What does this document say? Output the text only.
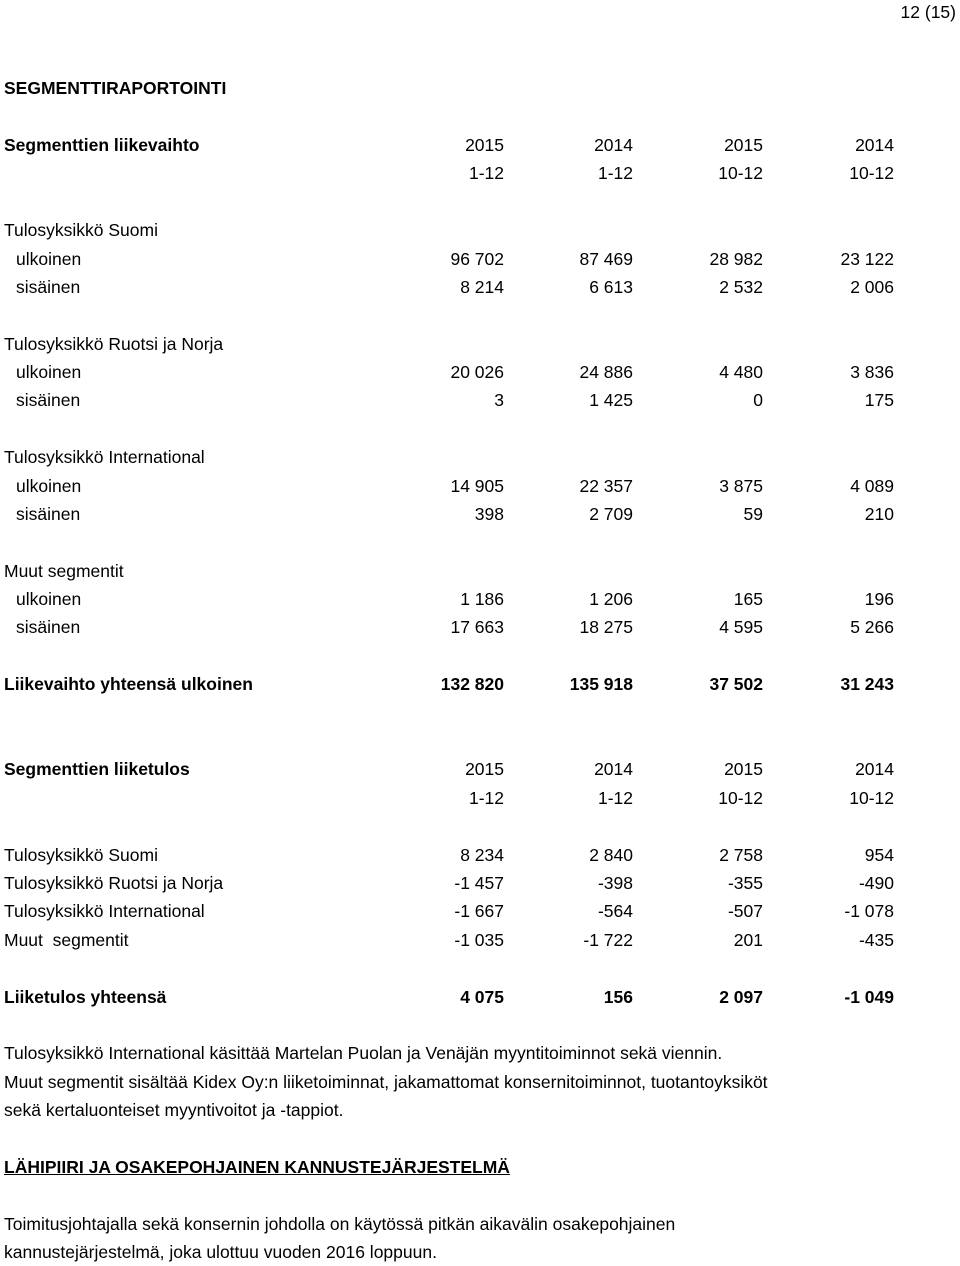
12 (15)
SEGMENTTIRAPORTOINTI
Segmenttien liikevaihto	2015	2014	2015	2014
1-12	1-12	10-12	10-12
Tulosyksikkö Suomi
ulkoinen	96 702	87 469	28 982	23 122
sisäinen	8 214	6 613	2 532	2 006
Tulosyksikkö Ruotsi ja Norja
ulkoinen	20 026	24 886	4 480	3 836
sisäinen	3	1 425	0	175
Tulosyksikkö International
ulkoinen	14 905	22 357	3 875	4 089
sisäinen	398	2 709	59	210
Muut segmentit
ulkoinen	1 186	1 206	165	196
sisäinen	17 663	18 275	4 595	5 266
Liikevaihto yhteensä ulkoinen	132 820	135 918	37 502	31 243
Segmenttien liiketulos	2015	2014	2015	2014
1-12	1-12	10-12	10-12
Tulosyksikkö Suomi	8 234	2 840	2 758	954
Tulosyksikkö Ruotsi ja Norja	-1 457	-398	-355	-490
Tulosyksikkö International	-1 667	-564	-507	-1 078
Muut  segmentit	-1 035	-1 722	201	-435
Liiketulos yhteensä	4 075	156	2 097	-1 049
Tulosyksikkö International käsittää Martelan Puolan ja Venäjän myyntitoiminnot sekä viennin.
Muut segmentit sisältää Kidex Oy:n liiketoiminnat, jakamattomat konsernitoiminnot, tuotantoyksiköt
sekä kertaluonteiset myyntivoitot ja -tappiot.
LÄHIPIIRI JA OSAKEPOHJAINEN KANNUSTEJÄRJESTELMÄ
Toimitusjohtajalla sekä konsernin johdolla on käytössä pitkän aikavälin osakepohjainen
kannustejärjestelmä, joka ulottuu vuoden 2016 loppuun.
